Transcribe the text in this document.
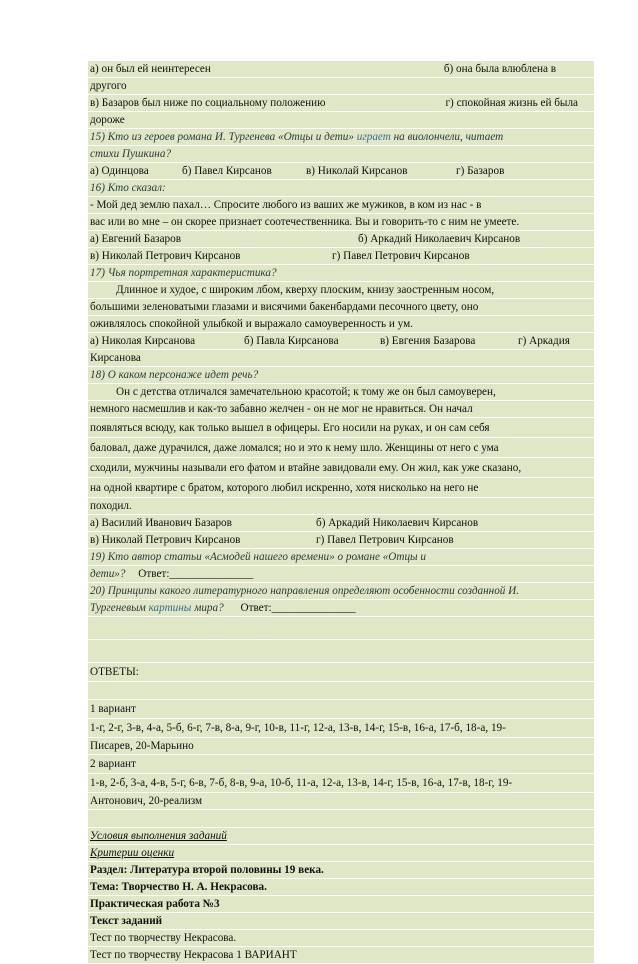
а) он был ей неинтересен	б) она была влюблена в
другого
в) Базаров был ниже по социальному положению	г) спокойная жизнь ей была
дороже
15) Кто из героев романа И. Тургенева «Отцы и дети» играет на виолончели, читает
стихи Пушкина?
а) Одинцова	б) Павел Кирсанов	в) Николай Кирсанов	г) Базаров
16) Кто сказал:
- Мой дед землю пахал… Спросите любого из ваших же мужиков, в ком из нас - в
вас или во мне – он скорее признает соотечественника. Вы и говорить-то с ним не умеете.
а) Евгений Базаров	б) Аркадий Николаевич Кирсанов
в) Николай Петрович Кирсанов	г) Павел Петрович Кирсанов
17) Чья портретная характеристика?
Длинное и худое, с широким лбом, кверху плоским, книзу заостренным носом,
большими зеленоватыми глазами и висячими бакенбардами песочного цвету, оно
оживлялось спокойной улыбкой и выражало самоуверенность и ум.
а) Николая Кирсанова	б) Павла Кирсанова	в) Евгения Базарова	г) Аркадия
Кирсанова
18) О каком персонаже идет речь?
Он с детства отличался замечательною красотой; к тому же он был самоуверен,
немного насмешлив и как-то забавно желчен - он не мог не нравиться. Он начал
появляться всюду, как только вышел в офицеры. Его носили на руках, и он сам себя
баловал, даже дурачился, даже ломался; но и это к нему шло. Женщины от него с ума
сходили, мужчины называли его фатом и втайне завидовали ему. Он жил, как уже сказано,
на одной квартире с братом, которого любил искренно, хотя нисколько на него не
походил.
а) Василий Иванович Базаров	б) Аркадий Николаевич Кирсанов
в) Николай Петрович Кирсанов	г) Павел Петрович Кирсанов
19) Кто автор статьи «Асмодей нашего времени» о романе «Отцы и
дети»? Ответ:_______________
20) Принципы какого литературного направления определяют особенности созданной И.
Тургеневым картины мира? Ответ:_______________
ОТВЕТЫ:
1 вариант
1-г, 2-г, 3-в, 4-а, 5-б, 6-г, 7-в, 8-а, 9-г, 10-в, 11-г, 12-а, 13-в, 14-г, 15-в, 16-а, 17-б, 18-а, 19-
Писарев, 20-Марьино
2 вариант
1-в, 2-б, 3-а, 4-в, 5-г, 6-в, 7-б, 8-в, 9-а, 10-б, 11-а, 12-а, 13-в, 14-г, 15-в, 16-а, 17-в, 18-г, 19-
Антонович, 20-реализм
Условия выполнения заданий
Критерии оценки
Раздел: Литература второй половины 19 века.
Тема: Творчество Н. А. Некрасова.
Практическая работа №3
Текст заданий
Тест по творчеству Некрасова.
Тест по творчеству Некрасова 1 ВАРИАНТ
